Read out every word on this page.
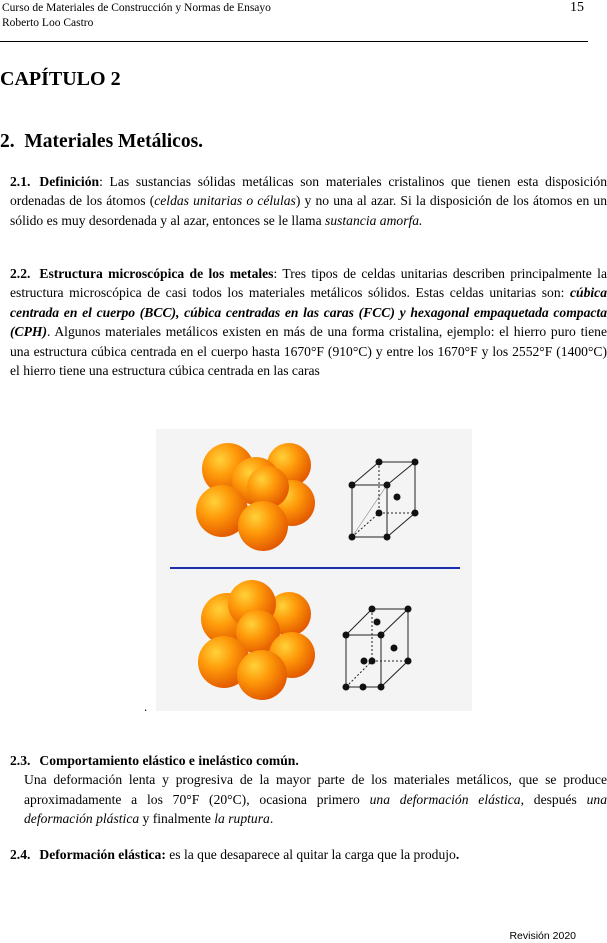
Curso de Materiales de Construcción y Normas de Ensayo
Roberto Loo Castro
15
CAPÍTULO 2
2. Materiales Metálicos.
2.1. Definición: Las sustancias sólidas metálicas son materiales cristalinos que tienen esta disposición ordenadas de los átomos (celdas unitarias o células) y no una al azar. Si la disposición de los átomos en un sólido es muy desordenada y al azar, entonces se le llama sustancia amorfa.
2.2. Estructura microscópica de los metales: Tres tipos de celdas unitarias describen principalmente la estructura microscópica de casi todos los materiales metálicos sólidos. Estas celdas unitarias son: cúbica centrada en el cuerpo (BCC), cúbica centradas en las caras (FCC) y hexagonal empaquetada compacta (CPH). Algunos materiales metálicos existen en más de una forma cristalina, ejemplo: el hierro puro tiene una estructura cúbica centrada en el cuerpo hasta 1670°F (910°C) y entre los 1670°F y los 2552°F (1400°C) el hierro tiene una estructura cúbica centrada en las caras
.
2.3. Comportamiento elástico e inelástico común.
Una deformación lenta y progresiva de la mayor parte de los materiales metálicos, que se produce aproximadamente a los 70°F (20°C), ocasiona primero una deformación elástica, después una deformación plástica y finalmente la ruptura.
2.4. Deformación elástica: es la que desaparece al quitar la carga que la produjo.
Revisión 2020
